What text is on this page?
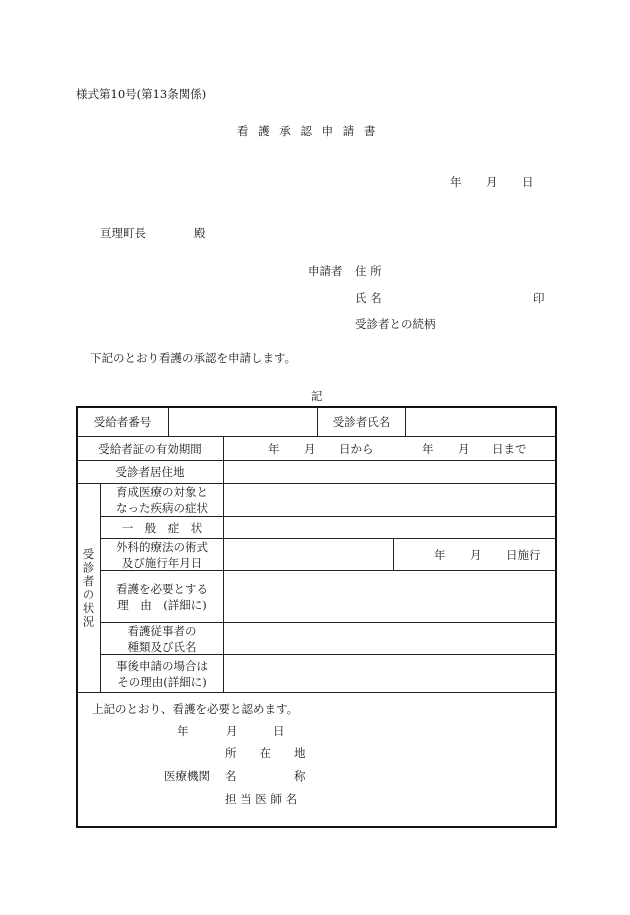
様式第10号(第13条関係)
看 護 承 認 申 請 書
年 月 日
亘理町長	殿
申請者 住 所
氏 名	印
受診者との続柄
下記のとおり看護の承認を申請します。
記
受給者番号	受診者氏名
受給者証の有効期間	年 月 日から	年 月 日まで
受診者居住地
受診者の状況
育成医療の対象と
なった疾病の症状
一　般　症　状
外科的療法の術式
及び施行年月日
年 月 日施行
看護を必要とする
理　由　(詳細に)
看護従事者の
種類及び氏名
事後申請の場合は
その理由(詳細に)
上記のとおり、看護を必要と認めます。
年	月	日
所　　在　　地
医療機関 名　　　　　称
担 当 医 師 名
